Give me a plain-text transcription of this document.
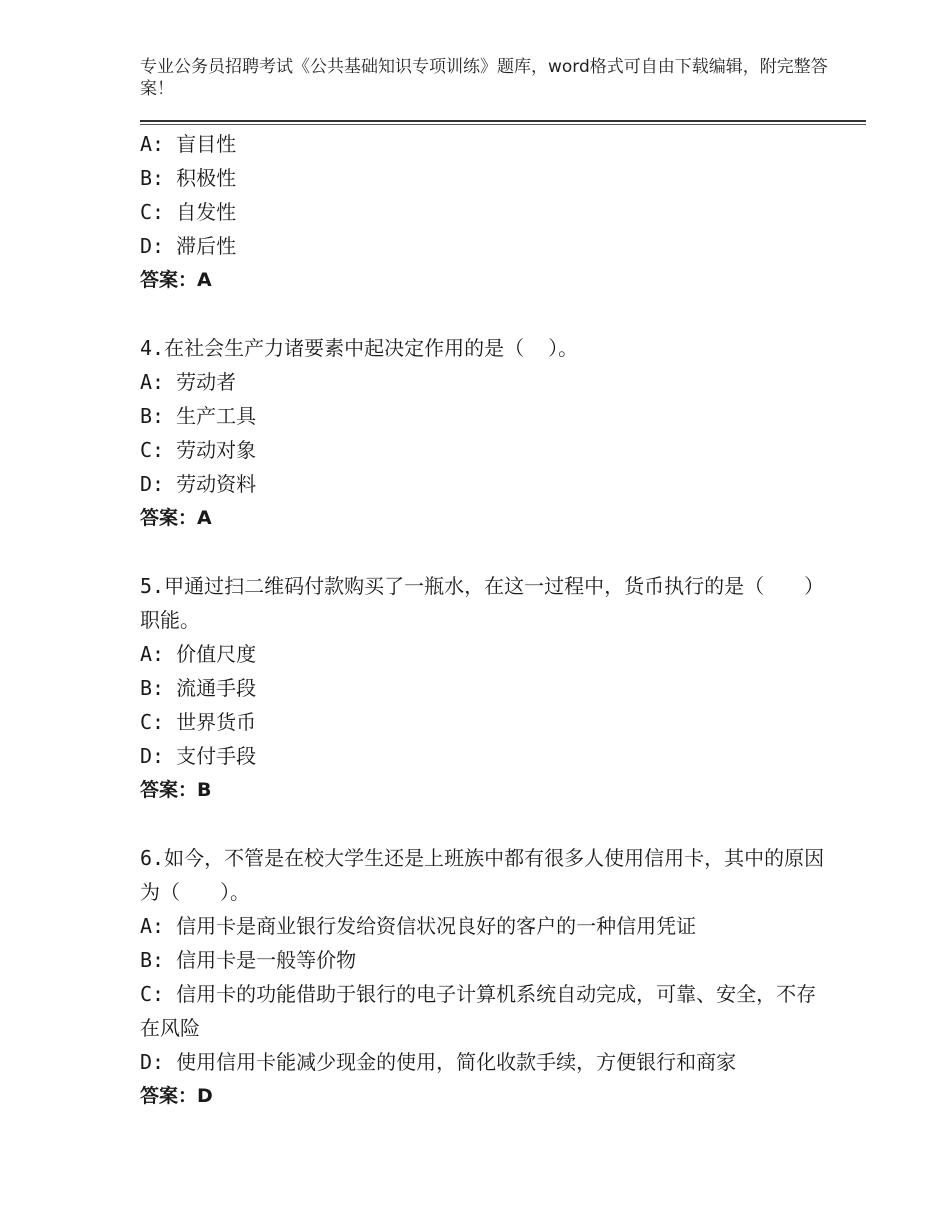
专业公务员招聘考试《公共基础知识专项训练》题库，word格式可自由下载编辑，附完整答案！
A: 盲目性
B: 积极性
C: 自发性
D: 滞后性
答案：A
4.在社会生产力诸要素中起决定作用的是（  ）。
A: 劳动者
B: 生产工具
C: 劳动对象
D: 劳动资料
答案：A
5.甲通过扫二维码付款购买了一瓶水，在这一过程中，货币执行的是（　　）职能。
A: 价值尺度
B: 流通手段
C: 世界货币
D: 支付手段
答案：B
6.如今，不管是在校大学生还是上班族中都有很多人使用信用卡，其中的原因为（　　）。
A: 信用卡是商业银行发给资信状况良好的客户的一种信用凭证
B: 信用卡是一般等价物
C: 信用卡的功能借助于银行的电子计算机系统自动完成，可靠、安全，不存在风险
D: 使用信用卡能减少现金的使用，简化收款手续，方便银行和商家
答案：D
